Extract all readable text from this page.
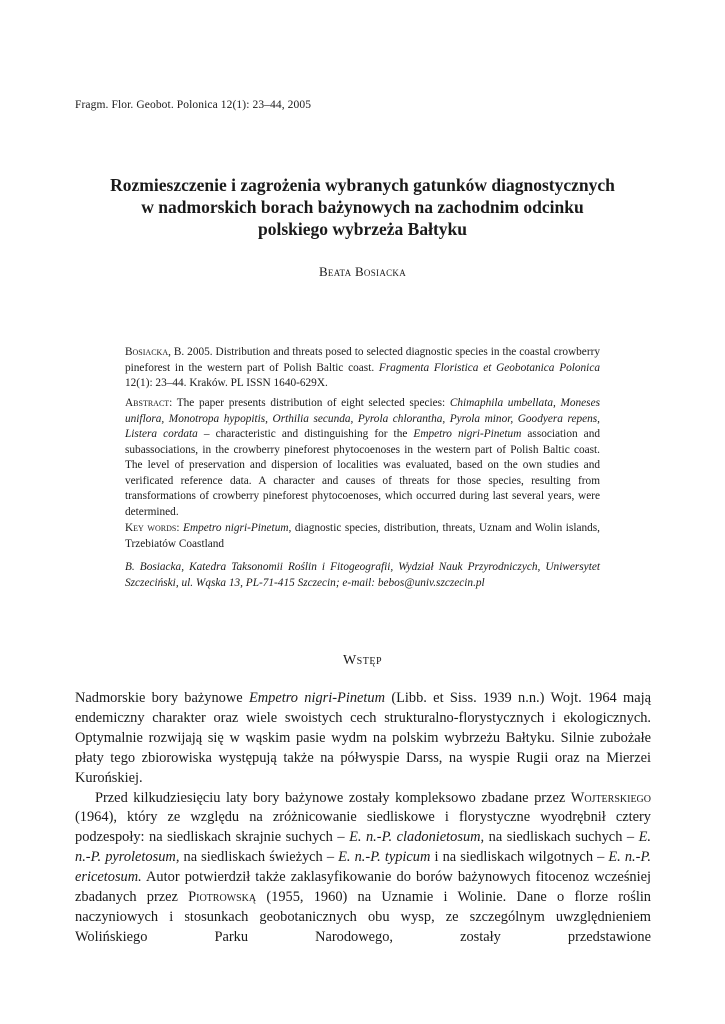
Fragm. Flor. Geobot. Polonica 12(1): 23–44, 2005
Rozmieszczenie i zagrożenia wybranych gatunków diagnostycznych
w nadmorskich borach bażynowych na zachodnim odcinku
polskiego wybrzeża Bałtyku
Beata Bosiacka
Bosiacka, B. 2005. Distribution and threats posed to selected diagnostic species in the coastal crowberry pineforest in the western part of Polish Baltic coast. Fragmenta Floristica et Geobotanica Polonica 12(1): 23–44. Kraków. PL ISSN 1640-629X.
Abstract: The paper presents distribution of eight selected species: Chimaphila umbellata, Moneses uniflora, Monotropa hypopitis, Orthilia secunda, Pyrola chlorantha, Pyrola minor, Goodyera repens, Listera cordata – characteristic and distinguishing for the Empetro nigri-Pinetum association and subassociations, in the crowberry pineforest phytocoenoses in the western part of Polish Baltic coast. The level of preservation and dispersion of localities was evaluated, based on the own studies and verificated reference data. A character and causes of threats for those species, resulting from transformations of crowberry pineforest phytocoenoses, which occurred during last several years, were determined.
Key words: Empetro nigri-Pinetum, diagnostic species, distribution, threats, Uznam and Wolin islands, Trzebiatów Coastland
B. Bosiacka, Katedra Taksonomii Roślin i Fitogeografii, Wydział Nauk Przyrodniczych, Uniwersytet Szczeciński, ul. Wąska 13, PL-71-415 Szczecin; e-mail: bebos@univ.szczecin.pl
Wstęp

Nadmorskie bory bażynowe Empetro nigri-Pinetum (Libb. et Siss. 1939 n.n.) Wojt. 1964 mają endemiczny charakter oraz wiele swoistych cech strukturalno-florystycznych i ekologicznych. Optymalnie rozwijają się w wąskim pasie wydm na polskim wybrzeżu Bałtyku. Silnie zubożałe płaty tego zbiorowiska występują także na półwyspie Darss, na wyspie Rugii oraz na Mierzei Kurońskiej.

Przed kilkudziesięciu laty bory bażynowe zostały kompleksowo zbadane przez Wojterskiego (1964), który ze względu na zróżnicowanie siedliskowe i florystyczne wyodrębnił cztery podzespoły: na siedliskach skrajnie suchych – E. n.-P. cladonietosum, na siedliskach suchych – E. n.-P. pyroletosum, na siedliskach świeżych – E. n.-P. typicum i na siedliskach wilgotnych – E. n.-P. ericetosum. Autor potwierdził także zaklasyfikowanie do borów bażynowych fitocenoz wcześniej zbadanych przez Piotrowską (1955, 1960) na Uznamie i Wolinie. Dane o florze roślin naczyniowych i stosunkach geobotanicznych obu wysp, ze szczególnym uwzględnieniem Wolińskiego Parku Narodowego, zostały przedstawione
